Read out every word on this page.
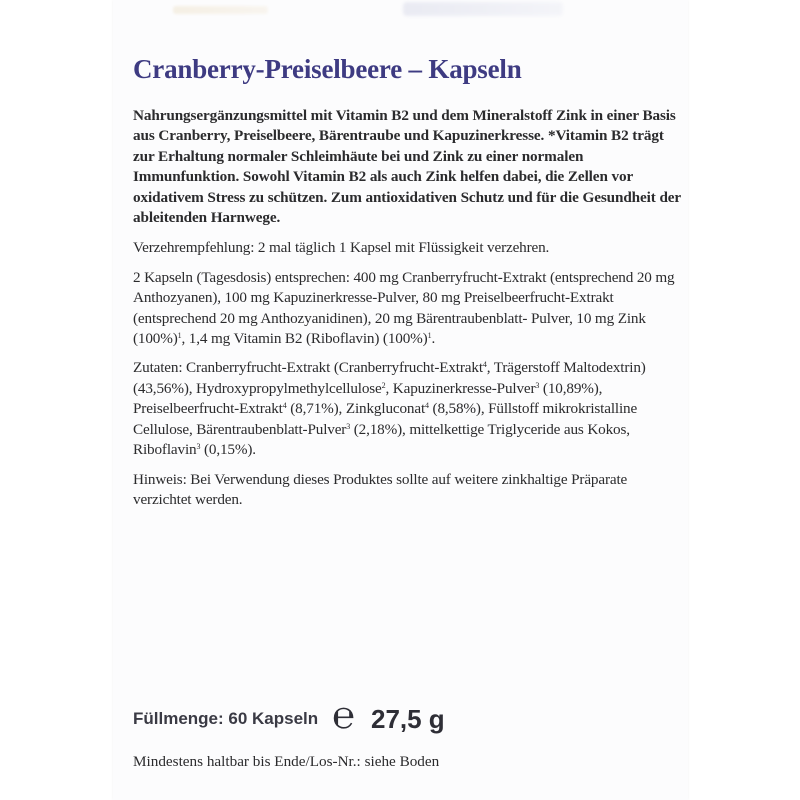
Cranberry-Preiselbeere – Kapseln

Nahrungsergänzungsmittel mit Vitamin B2 und dem Mineralstoff Zink in einer Basis aus Cranberry, Preiselbeere, Bärentraube und Kapuzinerkresse. *Vitamin B2 trägt zur Erhaltung normaler Schleimhäute bei und Zink zu einer normalen Immunfunktion. Sowohl Vitamin B2 als auch Zink helfen dabei, die Zellen vor oxidativem Stress zu schützen. Zum antioxidativen Schutz und für die Gesundheit der ableitenden Harnwege.

Verzehrempfehlung: 2 mal täglich 1 Kapsel mit Flüssigkeit verzehren.

2 Kapseln (Tagesdosis) entsprechen: 400 mg Cranberryfrucht-Extrakt (entsprechend 20 mg Anthozyanen), 100 mg Kapuzinerkresse-Pulver, 80 mg Preiselbeerfrucht-Extrakt (entsprechend 20 mg Anthozyanidinen), 20 mg Bärentraubenblatt- Pulver, 10 mg Zink $(100\%)^1$, 1,4 mg Vitamin B2 (Riboflavin) $(100\%)^1$.

Zutaten: Cranberryfrucht-Extrakt (Cranberryfrucht-Extrakt$^4$, Trägerstoff Maltodextrin) (43,56%), Hydroxypropylmethylcellulose$^2$, Kapuzinerkresse-Pulver$^3$ (10,89%), Preiselbeerfrucht-Extrakt$^4$ (8,71%), Zinkgluconat$^4$ (8,58%), Füllstoff mikrokristalline Cellulose, Bärentraubenblatt-Pulver$^3$ (2,18%), mittelkettige Triglyceride aus Kokos, Riboflavin$^3$ (0,15%).

Hinweis: Bei Verwendung dieses Produktes sollte auf weitere zinkhaltige Präparate verzichtet werden.

Füllmenge: 60 Kapseln ℮ 27,5 g

Mindestens haltbar bis Ende/Los-Nr.: siehe Boden
